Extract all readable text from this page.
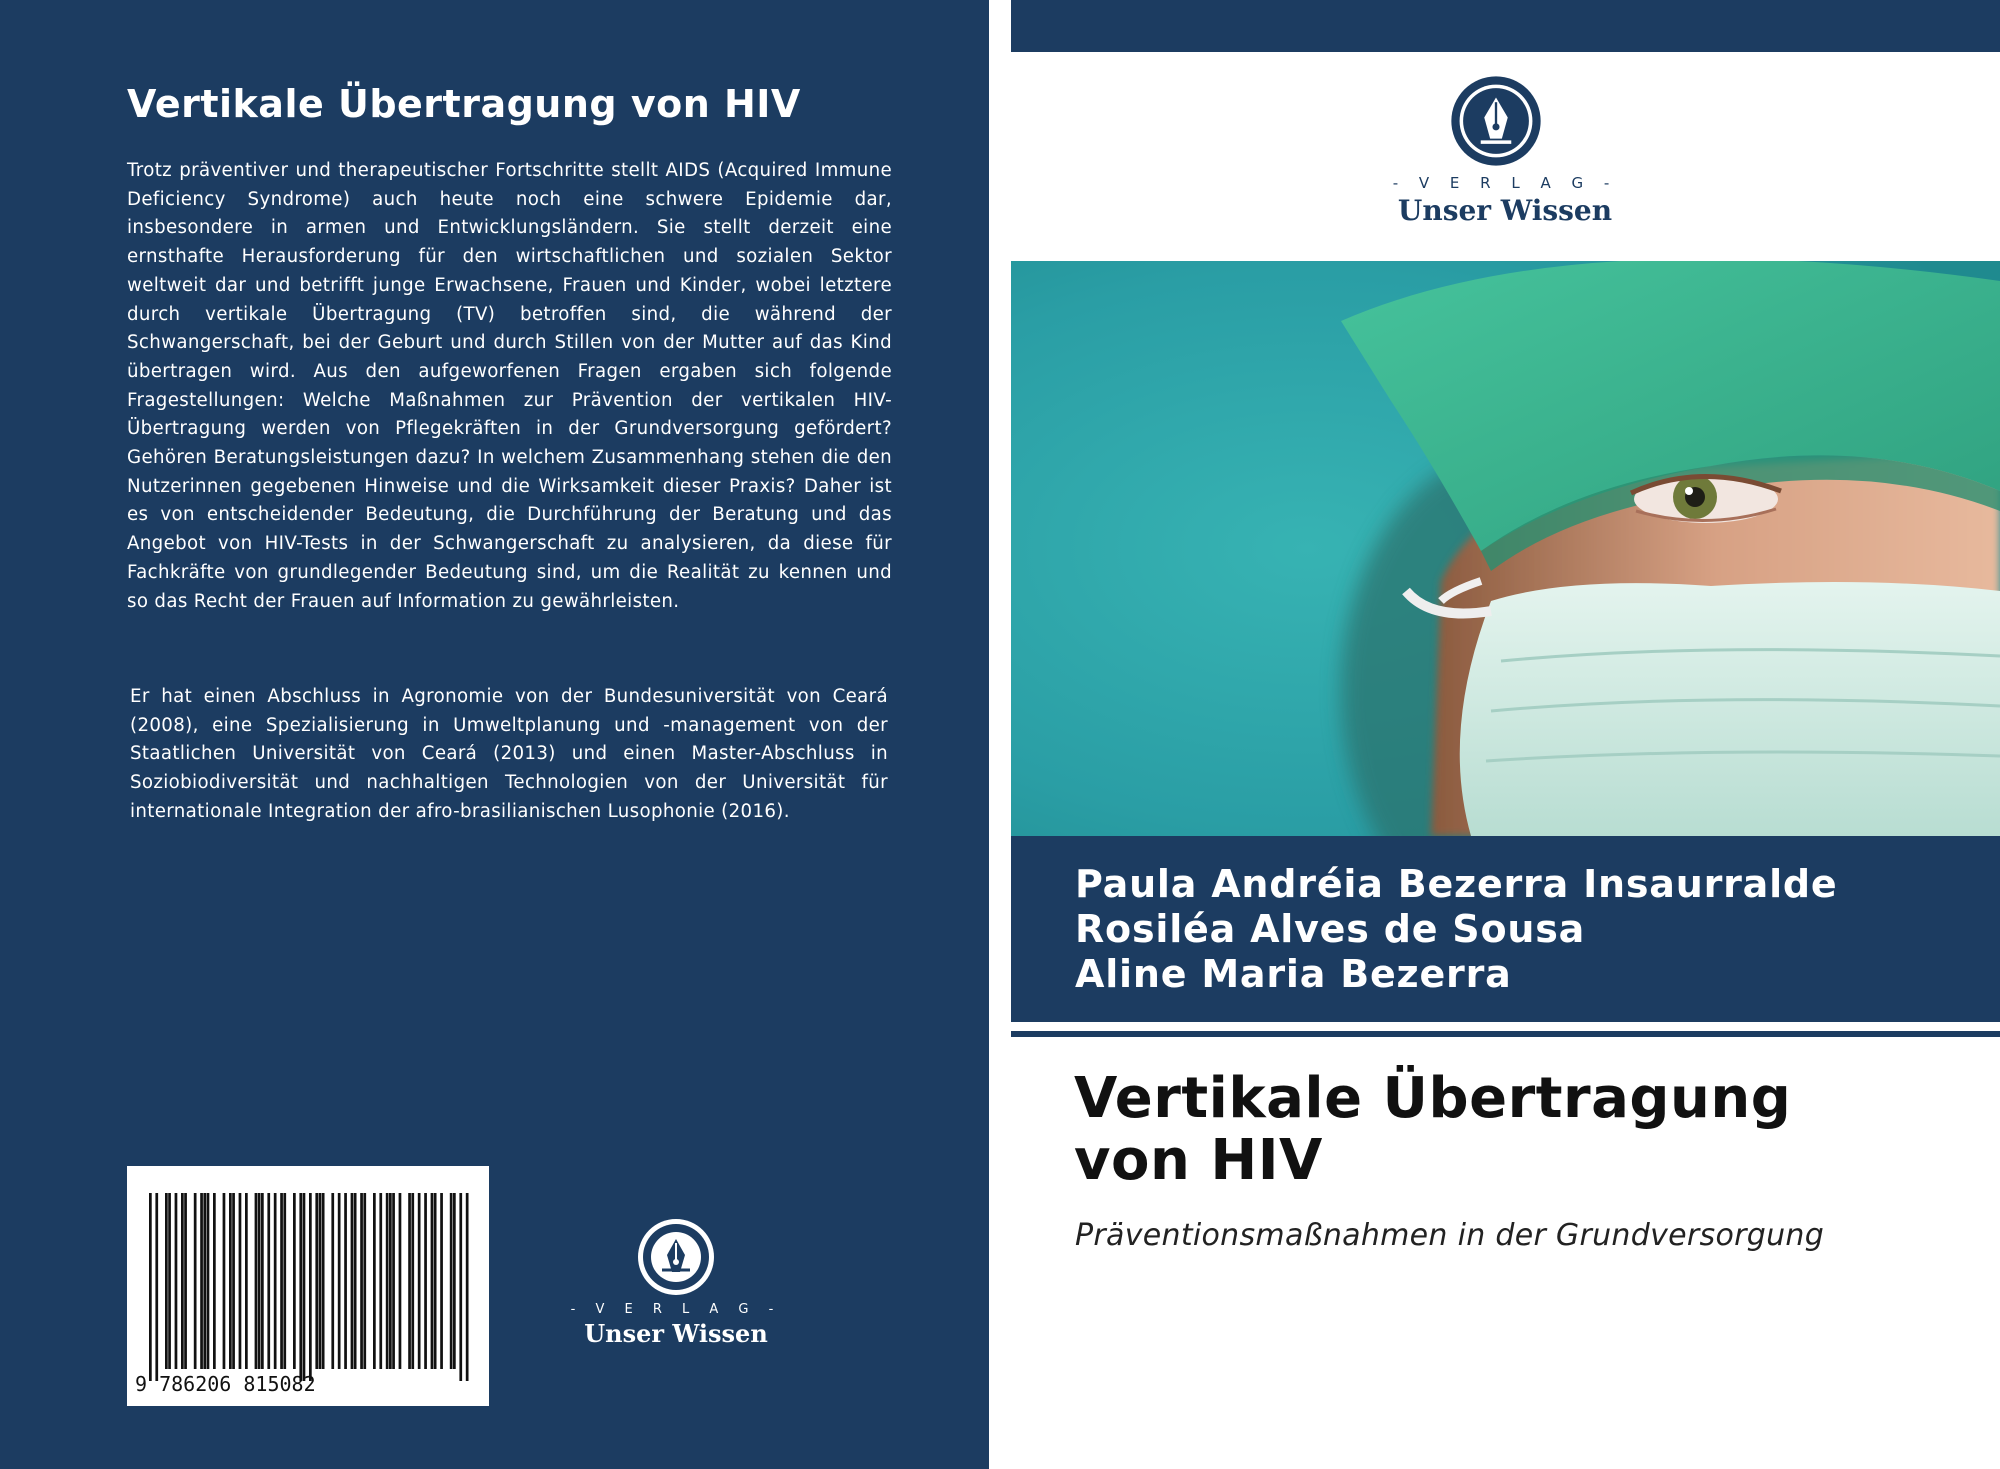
Vertikale Übertragung von HIV

Trotz präventiver und therapeutischer Fortschritte stellt AIDS (Acquired Immune Deficiency Syndrome) auch heute noch eine schwere Epidemie dar, insbesondere in armen und Entwicklungsländern. Sie stellt derzeit eine ernsthafte Herausforderung für den wirtschaftlichen und sozialen Sektor weltweit dar und betrifft junge Erwachsene, Frauen und Kinder, wobei letztere durch vertikale Übertragung (TV) betroffen sind, die während der Schwangerschaft, bei der Geburt und durch Stillen von der Mutter auf das Kind übertragen wird. Aus den aufgeworfenen Fragen ergaben sich folgende Fragestellungen: Welche Maßnahmen zur Prävention der vertikalen HIV-Übertragung werden von Pflegekräften in der Grundversorgung gefördert? Gehören Beratungsleistungen dazu? In welchem Zusammenhang stehen die den Nutzerinnen gegebenen Hinweise und die Wirksamkeit dieser Praxis? Daher ist es von entscheidender Bedeutung, die Durchführung der Beratung und das Angebot von HIV-Tests in der Schwangerschaft zu analysieren, da diese für Fachkräfte von grundlegender Bedeutung sind, um die Realität zu kennen und so das Recht der Frauen auf Information zu gewährleisten.

Er hat einen Abschluss in Agronomie von der Bundesuniversität von Ceará (2008), eine Spezialisierung in Umweltplanung und -management von der Staatlichen Universität von Ceará (2013) und einen Master-Abschluss in Soziobiodiversität und nachhaltigen Technologien von der Universität für internationale Integration der afro-brasilianischen Lusophonie (2016).

9 786206 815082
- V E R L A G -
Unser Wissen
- V E R L A G -
Unser Wissen
Paula Andréia Bezerra Insaurralde
Rosiléa Alves de Sousa
Aline Maria Bezerra
Vertikale Übertragung
von HIV
Präventionsmaßnahmen in der Grundversorgung
